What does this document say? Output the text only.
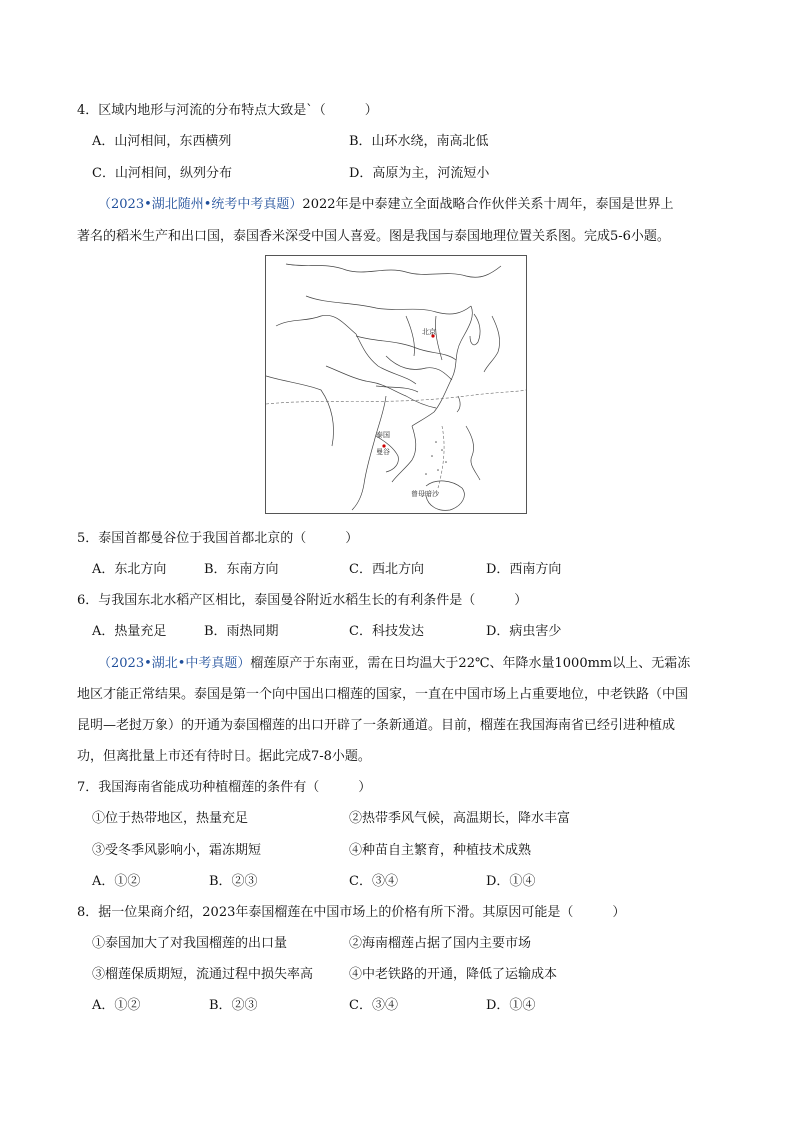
4．区域内地形与河流的分布特点大致是`（　　　）
A．山河相间，东西横列	B．山环水绕，南高北低
C．山河相间，纵列分布	D．高原为主，河流短小
（2023•湖北随州•统考中考真题）2022年是中泰建立全面战略合作伙伴关系十周年，泰国是世界上
著名的稻米生产和出口国，泰国香米深受中国人喜爱。图是我国与泰国地理位置关系图。完成5-6小题。
北京
泰国
曼谷
曾母暗沙
5．泰国首都曼谷位于我国首都北京的（　　　）
A．东北方向	B．东南方向	C．西北方向	D．西南方向
6．与我国东北水稻产区相比，泰国曼谷附近水稻生长的有利条件是（　　　）
A．热量充足	B．雨热同期	C．科技发达	D．病虫害少
（2023•湖北•中考真题）榴莲原产于东南亚，需在日均温大于22℃、年降水量1000mm以上、无霜冻
地区才能正常结果。泰国是第一个向中国出口榴莲的国家，一直在中国市场上占重要地位，中老铁路（中国
昆明—老挝万象）的开通为泰国榴莲的出口开辟了一条新通道。目前，榴莲在我国海南省已经引进种植成
功，但离批量上市还有待时日。据此完成7-8小题。
7．我国海南省能成功种植榴莲的条件有（　　　）
①位于热带地区，热量充足	②热带季风气候，高温期长，降水丰富
③受冬季风影响小，霜冻期短	④种苗自主繁育，种植技术成熟
A．①②	B．②③	C．③④	D．①④
8．据一位果商介绍，2023年泰国榴莲在中国市场上的价格有所下滑。其原因可能是（　　　）
①泰国加大了对我国榴莲的出口量	②海南榴莲占据了国内主要市场
③榴莲保质期短，流通过程中损失率高	④中老铁路的开通，降低了运输成本
A．①②	B．②③	C．③④	D．①④
